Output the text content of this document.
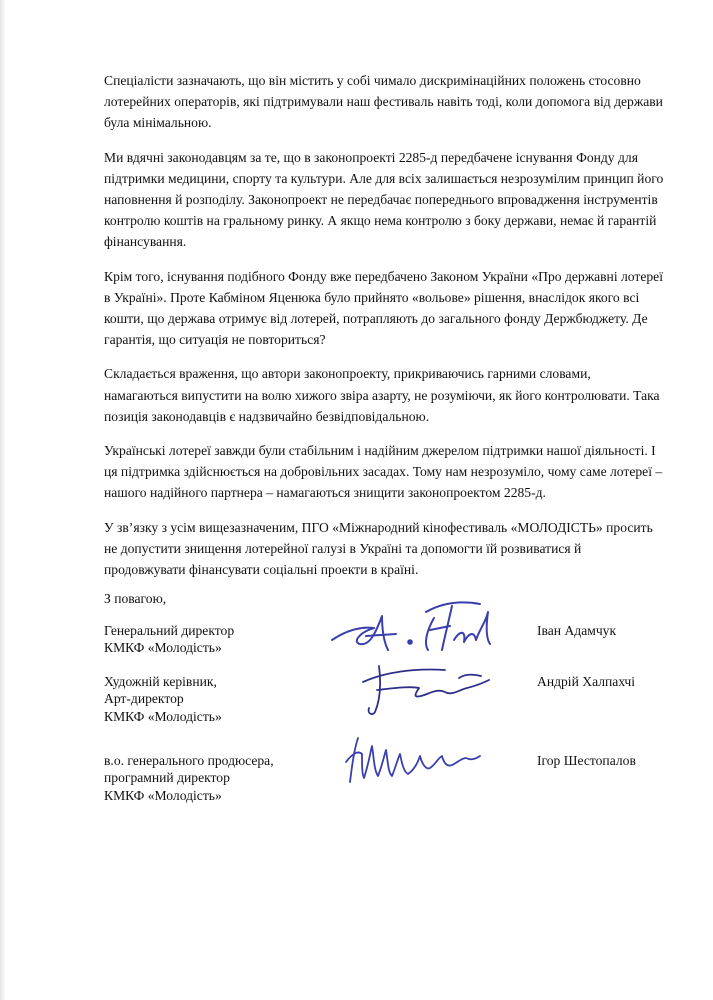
Спеціалісти зазначають, що він містить у собі чимало дискримінаційних положень стосовно лотерейних операторів, які підтримували наш фестиваль навіть тоді, коли допомога від держави була мінімальною.

Ми вдячні законодавцям за те, що в законопроекті 2285-д передбачене існування Фонду для підтримки медицини, спорту та культури. Але для всіх залишається незрозумілим принцип його наповнення й розподілу. Законопроект не передбачає попереднього впровадження інструментів контролю коштів на гральному ринку. А якщо нема контролю з боку держави, немає й гарантій фінансування.

Крім того, існування подібного Фонду вже передбачено Законом України «Про державні лотереї в Україні». Проте Кабміном Яценюка було прийнято «вольове» рішення, внаслідок якого всі кошти, що держава отримує від лотерей, потрапляють до загального фонду Держбюджету. Де гарантія, що ситуація не повториться?

Складається враження, що автори законопроекту, прикриваючись гарними словами, намагаються випустити на волю хижого звіра азарту, не розуміючи, як його контролювати. Така позиція законодавців є надзвичайно безвідповідальною.

Українські лотереї завжди були стабільним і надійним джерелом підтримки нашої діяльності. І ця підтримка здійснюється на добровільних засадах. Тому нам незрозуміло, чому саме лотереї – нашого надійного партнера – намагаються знищити законопроектом 2285-д.

У зв’язку з усім вищезазначеним, ПГО «Міжнародний кінофестиваль «МОЛОДІСТЬ» просить не допустити знищення лотерейної галузі в Україні та допомогти їй розвиватися й продовжувати фінансувати соціальні проекти в країні.

З повагою,
Генеральний директор
КМКФ «Молодість»
Іван Адамчук
Художній керівник,
Арт-директор
КМКФ «Молодість»
Андрій Халпахчі
в.о. генерального продюсера,
програмний директор
КМКФ «Молодість»
Ігор Шестопалов
